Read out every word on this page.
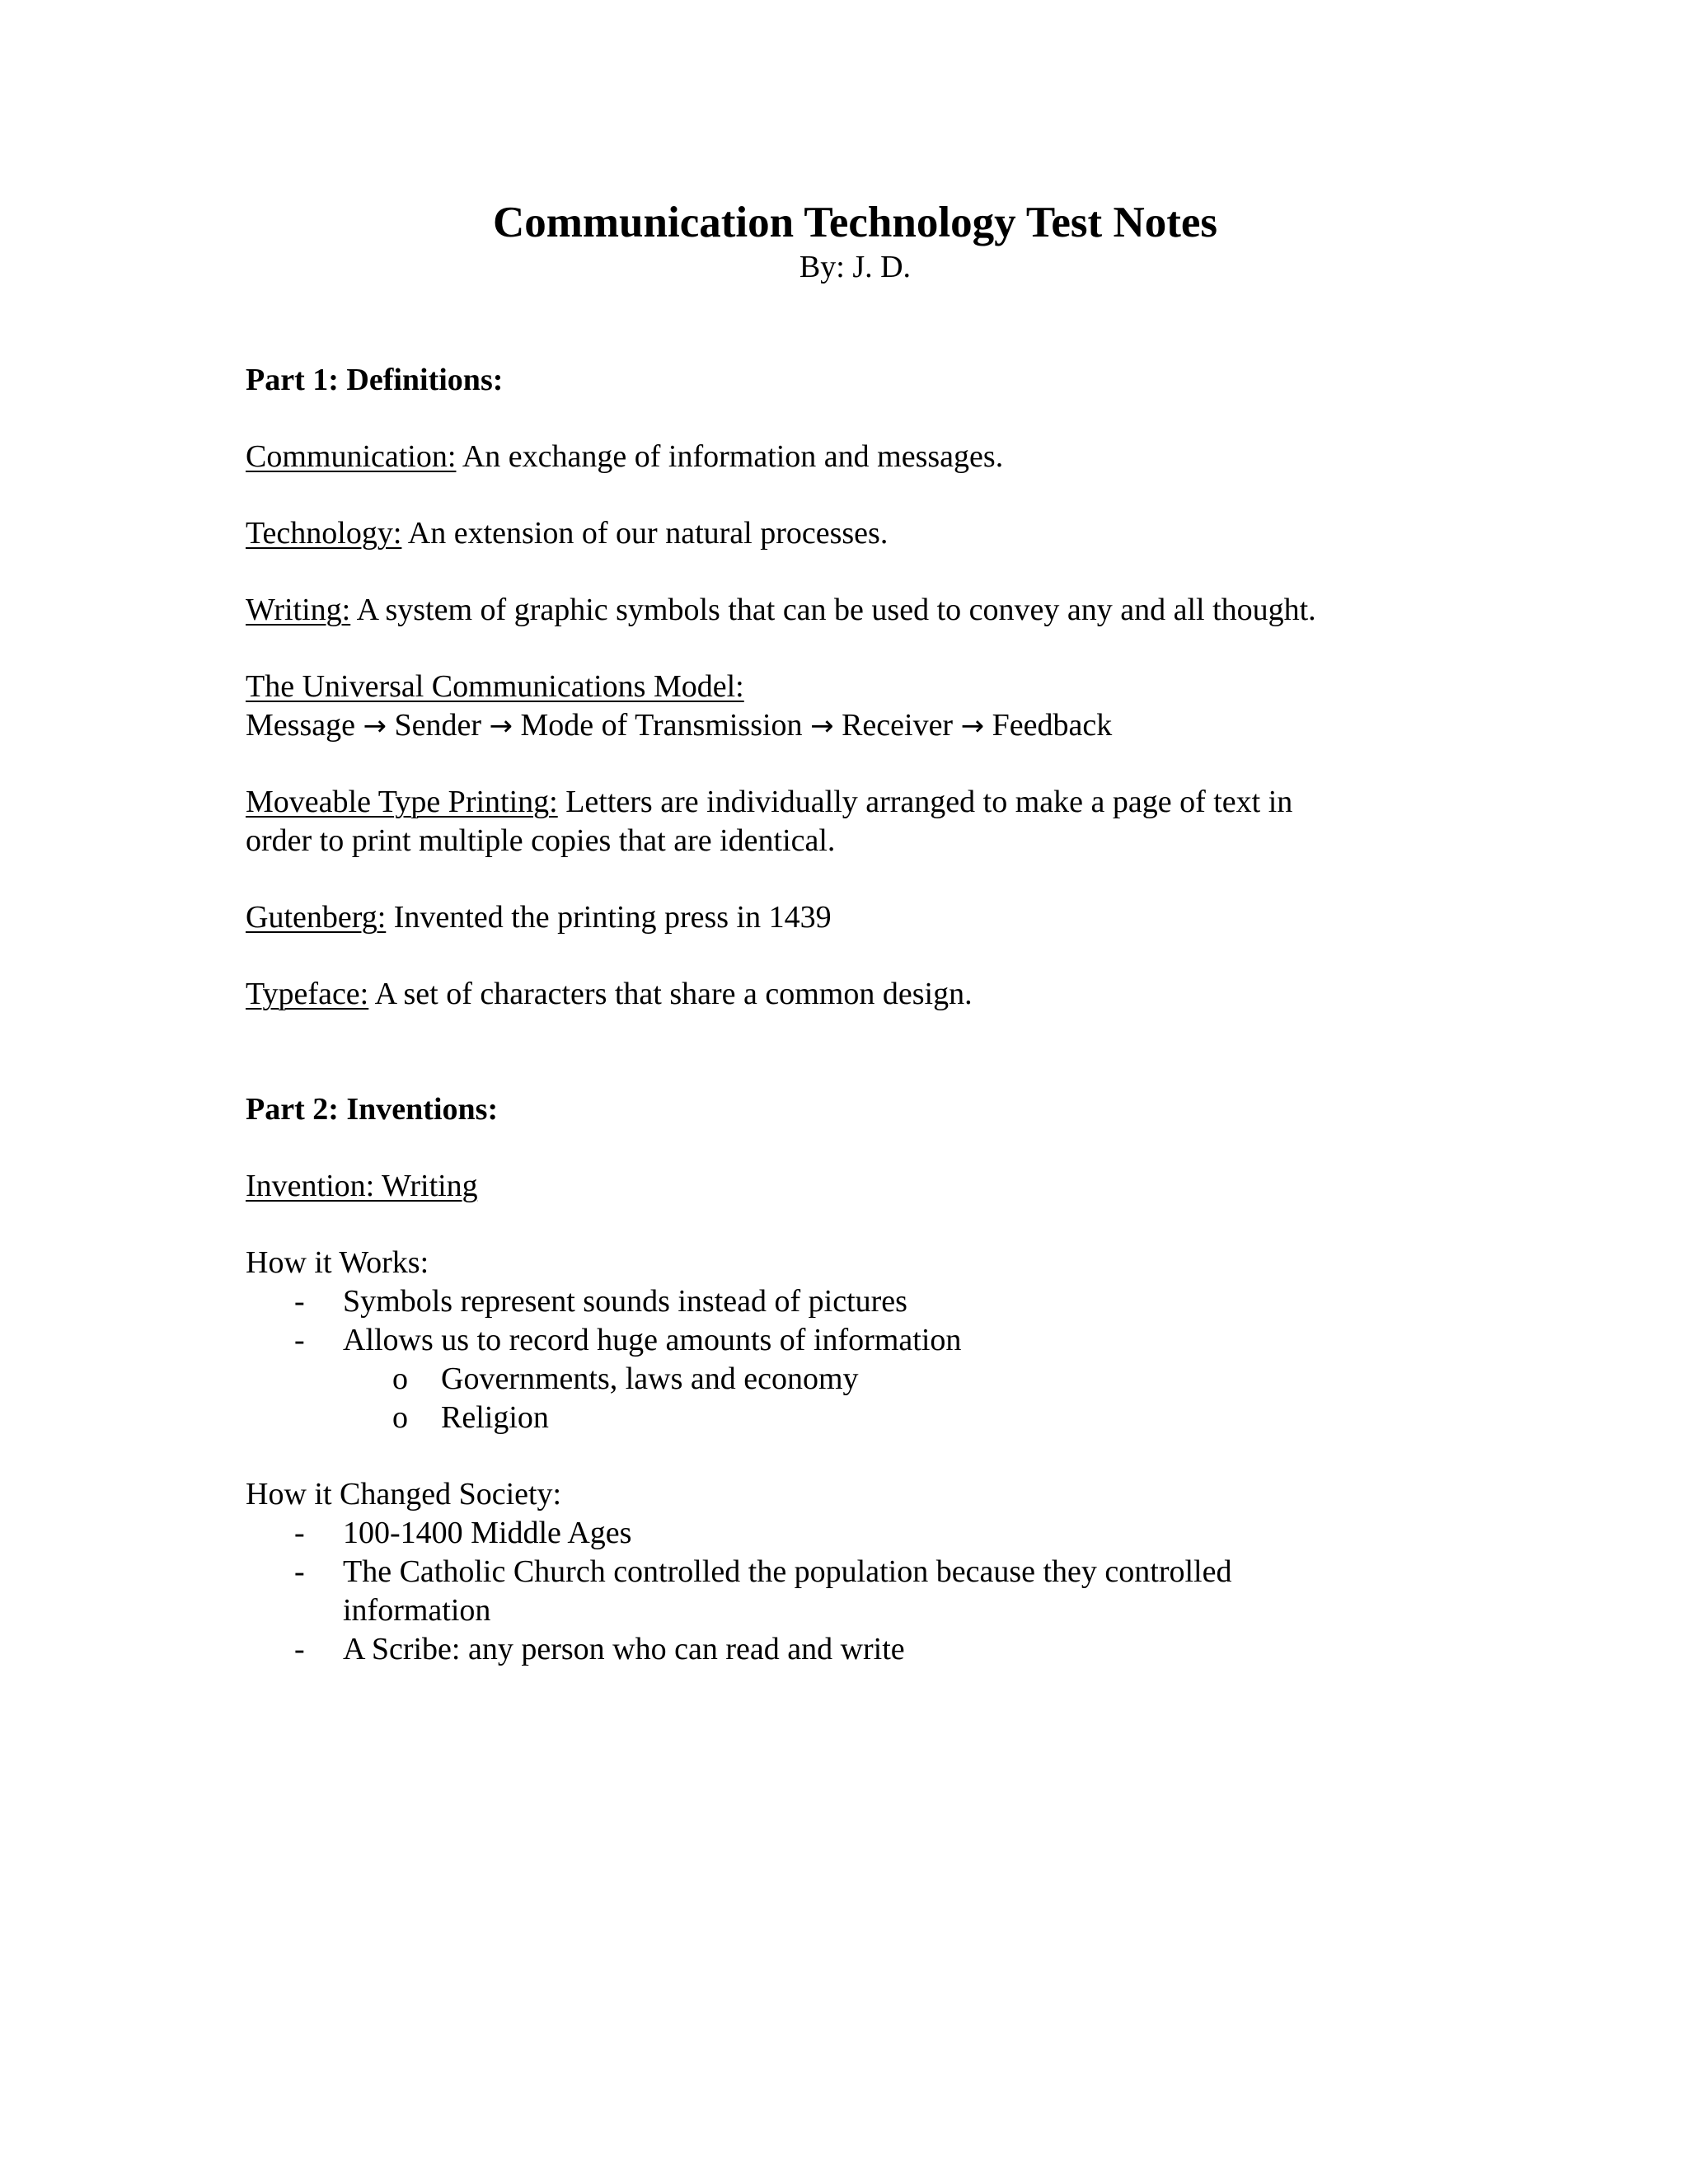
Communication Technology Test Notes
By: J. D.
Part 1: Definitions:
Communication: An exchange of information and messages.
Technology: An extension of our natural processes.
Writing: A system of graphic symbols that can be used to convey any and all thought.
The Universal Communications Model:
Message → Sender → Mode of Transmission → Receiver → Feedback
Moveable Type Printing: Letters are individually arranged to make a page of text in
order to print multiple copies that are identical.
Gutenberg: Invented the printing press in 1439
Typeface: A set of characters that share a common design.
Part 2: Inventions:
Invention: Writing
How it Works:
- Symbols represent sounds instead of pictures
- Allows us to record huge amounts of information
o Governments, laws and economy
o Religion
How it Changed Society:
- 100-1400 Middle Ages
- The Catholic Church controlled the population because they controlled
information
- A Scribe: any person who can read and write
